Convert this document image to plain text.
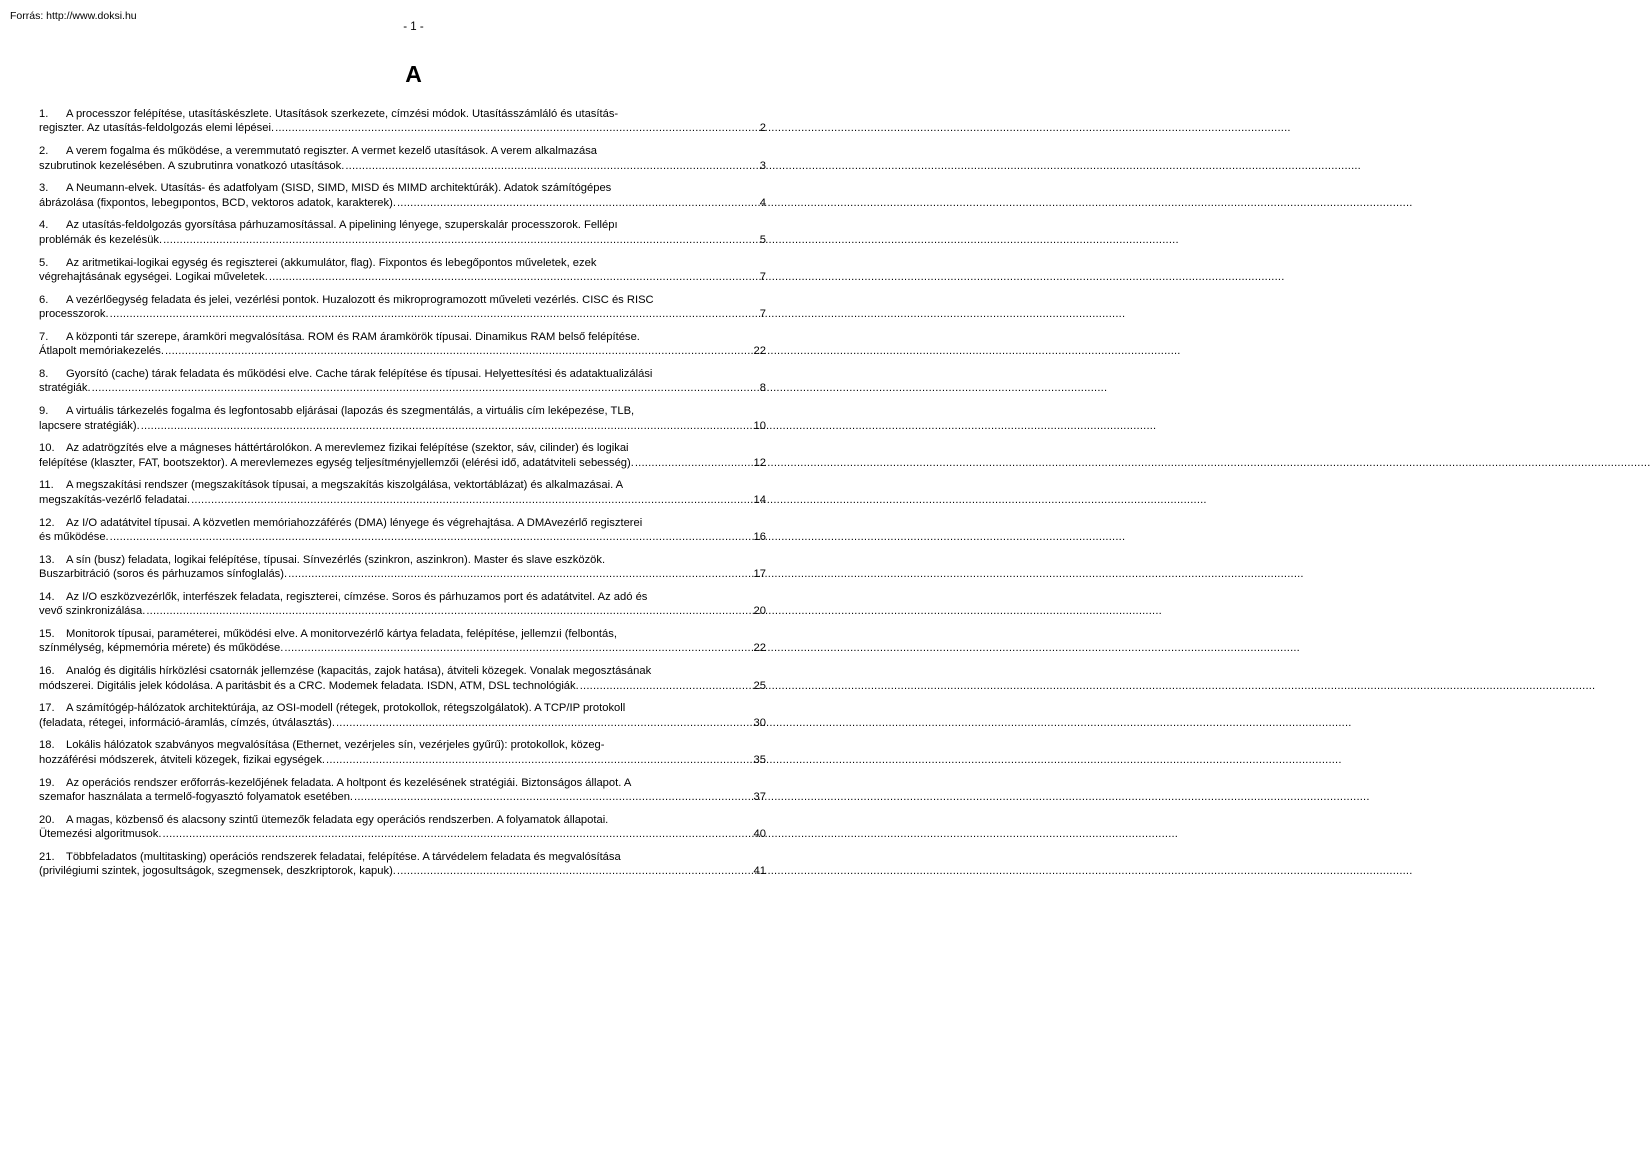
Forrás: http://www.doksi.hu
- 1 -
A
1. A processzor felépítése, utasításkészlete. Utasítások szerkezete, címzési módok. Utasításszámláló és utasítás-
regiszter. Az utasítás-feldolgozás elemi lépései. .....	2
2. A verem fogalma és működése, a veremmutató regiszter. A vermet kezelő utasítások. A verem alkalmazása
szubrutinok kezelésében. A szubrutinra vonatkozó utasítások. .....	3
3. A Neumann-elvek. Utasítás- és adatfolyam (SISD, SIMD, MISD és MIMD architektúrák). Adatok számítógépes
ábrázolása (fixpontos, lebegıpontos, BCD, vektoros adatok, karakterek). .....	4
4. Az utasítás-feldolgozás gyorsítása párhuzamosítással. A pipelining lényege, szuperskalár processzorok. Fellépı
problémák és kezelésük. .....	5
5. Az aritmetikai-logikai egység és regiszterei (akkumulátor, flag). Fixpontos és lebegőpontos műveletek, ezek
végrehajtásának egységei. Logikai műveletek. .....	7
6. A vezérlőegység feladata és jelei, vezérlési pontok. Huzalozott és mikroprogramozott műveleti vezérlés. CISC és RISC
processzorok. .....	7
7. A központi tár szerepe, áramköri megvalósítása. ROM és RAM áramkörök típusai. Dinamikus RAM belső felépítése.
Átlapolt memóriakezelés. .....	22
8. Gyorsító (cache) tárak feladata és működési elve. Cache tárak felépítése és típusai. Helyettesítési és adataktualizálási
stratégiák. .....	8
9. A virtuális tárkezelés fogalma és legfontosabb eljárásai (lapozás és szegmentálás, a virtuális cím leképezése, TLB,
lapcsere stratégiák). .....	10
10. Az adatrögzítés elve a mágneses háttértárolókon. A merevlemez fizikai felépítése (szektor, sáv, cilinder) és logikai
felépítése (klaszter, FAT, bootszektor). A merevlemezes egység teljesítményjellemzői (elérési idő, adatátviteli sebesség). .....	12
11. A megszakítási rendszer (megszakítások típusai, a megszakítás kiszolgálása, vektortáblázat) és alkalmazásai. A
megszakítás-vezérlő feladatai. .....	14
12. Az I/O adatátvitel típusai. A közvetlen memóriahozzáférés (DMA) lényege és végrehajtása. A DMAvezérlő regiszterei
és működése. .....	16
13. A sín (busz) feladata, logikai felépítése, típusai. Sínvezérlés (szinkron, aszinkron). Master és slave eszközök.
Buszarbitráció (soros és párhuzamos sínfoglalás). .....	17
14. Az I/O eszközvezérlők, interfészek feladata, regiszterei, címzése. Soros és párhuzamos port és adatátvitel. Az adó és
vevő szinkronizálása. .....	20
15. Monitorok típusai, paraméterei, működési elve. A monitorvezérlő kártya feladata, felépítése, jellemzıi (felbontás,
színmélység, képmemória mérete) és működése. .....	22
16. Analóg és digitális hírközlési csatornák jellemzése (kapacitás, zajok hatása), átviteli közegek. Vonalak megosztásának
módszerei. Digitális jelek kódolása. A paritásbit és a CRC. Modemek feladata. ISDN, ATM, DSL technológiák. .....	25
17. A számítógép-hálózatok architektúrája, az OSI-modell (rétegek, protokollok, rétegszolgálatok). A TCP/IP protokoll
(feladata, rétegei, információ-áramlás, címzés, útválasztás). .....	30
18. Lokális hálózatok szabványos megvalósítása (Ethernet, vezérjeles sín, vezérjeles gyűrű): protokollok, közeg-
hozzáférési módszerek, átviteli közegek, fizikai egységek. .....	35
19. Az operációs rendszer erőforrás-kezelőjének feladata. A holtpont és kezelésének stratégiái. Biztonságos állapot. A
szemafor használata a termelő-fogyasztó folyamatok esetében. .....	37
20. A magas, közbenső és alacsony szintű ütemezők feladata egy operációs rendszerben. A folyamatok állapotai.
Ütemezési algoritmusok. .....	40
21. Többfeladatos (multitasking) operációs rendszerek feladatai, felépítése. A tárvédelem feladata és megvalósítása
(privilégiumi szintek, jogosultságok, szegmensek, deszkriptorok, kapuk). .....	41
